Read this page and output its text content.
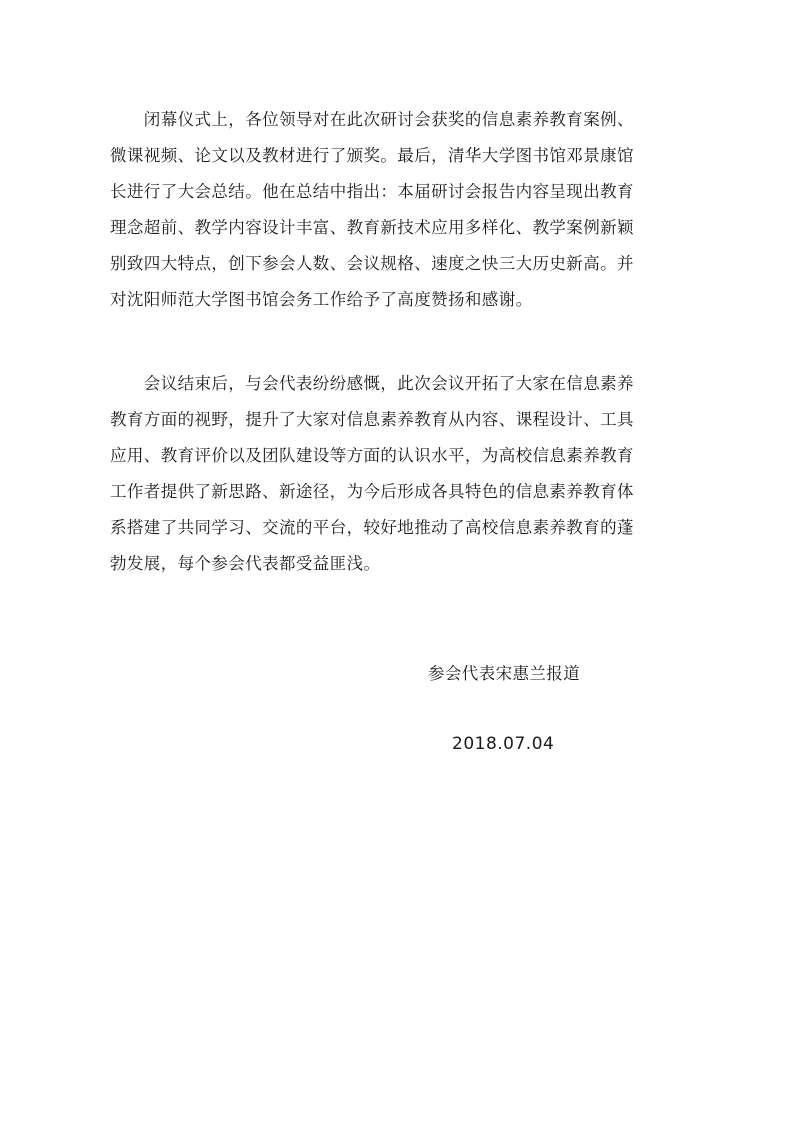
　　闭幕仪式上，各位领导对在此次研讨会获奖的信息素养教育案例、
微课视频、论文以及教材进行了颁奖。最后，清华大学图书馆邓景康馆
长进行了大会总结。他在总结中指出：本届研讨会报告内容呈现出教育
理念超前、教学内容设计丰富、教育新技术应用多样化、教学案例新颖
别致四大特点，创下参会人数、会议规格、速度之快三大历史新高。并
对沈阳师范大学图书馆会务工作给予了高度赞扬和感谢。
　　会议结束后，与会代表纷纷感慨，此次会议开拓了大家在信息素养
教育方面的视野，提升了大家对信息素养教育从内容、课程设计、工具
应用、教育评价以及团队建设等方面的认识水平，为高校信息素养教育
工作者提供了新思路、新途径，为今后形成各具特色的信息素养教育体
系搭建了共同学习、交流的平台，较好地推动了高校信息素养教育的蓬
勃发展，每个参会代表都受益匪浅。
参会代表宋惠兰报道
2018.07.04
